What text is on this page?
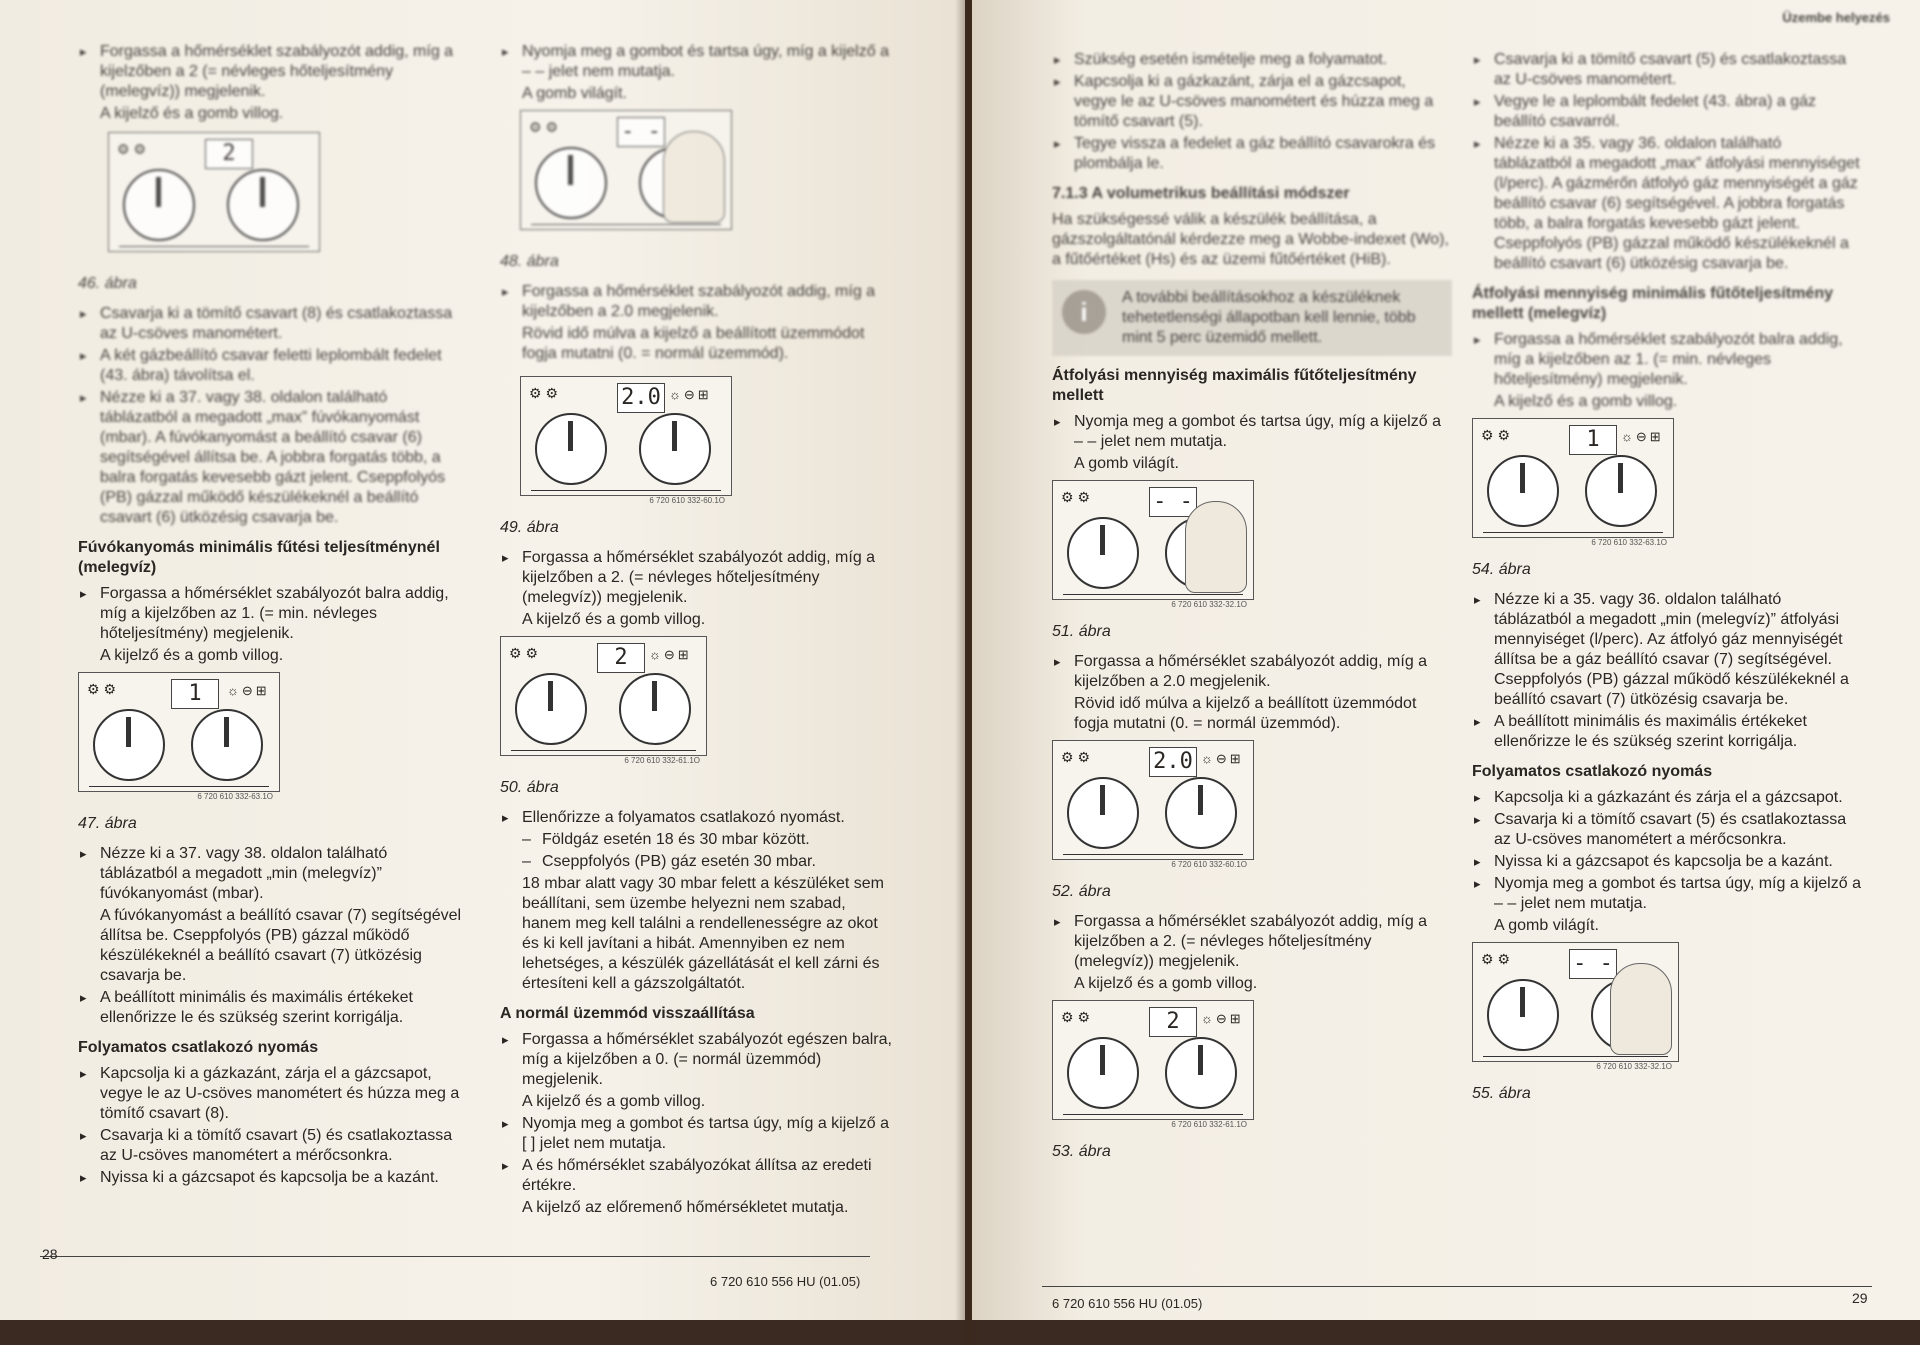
▸ Forgassa a hőmérséklet szabályozót addig, míg a kijelzőben a 2 (= névleges hőteljesítmény (melegvíz)) megjelenik.
A kijelző és a gomb villog.
⚙⚙	2
46. ábra
▸ Csavarja ki a tömítő csavart (8) és csatlakoztassa az U-csöves manométert.
▸ A két gázbeállító csavar feletti leplombált fedelet (43. ábra) távolítsa el.
▸ Nézze ki a 37. vagy 38. oldalon található táblázatból a megadott „max” fúvókanyomást (mbar). A fúvókanyomást a beállító csavar (6) segítségével állítsa be. A jobbra forgatás több, a balra forgatás kevesebb gázt jelent. Cseppfolyós (PB) gázzal működő készülékeknél a beállító csavart (6) ütközésig csavarja be.
Fúvókanyomás minimális fűtési teljesítménynél (melegvíz)
▸ Forgassa a hőmérséklet szabályozót balra addig, míg a kijelzőben az 1. (= min. névleges hőteljesítmény) megjelenik.
A kijelző és a gomb villog.
⚙⚙	1	☼⊖⊞
6 720 610 332-63.1O
47. ábra
▸ Nézze ki a 37. vagy 38. oldalon található táblázatból a megadott „min (melegvíz)” fúvókanyomást (mbar).
A fúvókanyomást a beállító csavar (7) segítségével állítsa be. Cseppfolyós (PB) gázzal működő készülékeknél a beállító csavart (7) ütközésig csavarja be.
▸ A beállított minimális és maximális értékeket ellenőrizze le és szükség szerint korrigálja.
Folyamatos csatlakozó nyomás
▸ Kapcsolja ki a gázkazánt, zárja el a gázcsapot, vegye le az U-csöves manométert és húzza meg a tömítő csavart (8).
▸ Csavarja ki a tömítő csavart (5) és csatlakoztassa az U-csöves manométert a mérőcsonkra.
▸ Nyissa ki a gázcsapot és kapcsolja be a kazánt.
▸ Nyomja meg a gombot és tartsa úgy, míg a kijelző a – – jelet nem mutatja.
A gomb világít.
⚙⚙	- -
48. ábra
▸ Forgassa a hőmérséklet szabályozót addig, míg a kijelzőben a 2.0 megjelenik.
Rövid idő múlva a kijelző a beállított üzemmódot fogja mutatni (0. = normál üzemmód).
⚙⚙	2.0 ☼⊖⊞
6 720 610 332-60.1O
49. ábra
▸ Forgassa a hőmérséklet szabályozót addig, míg a kijelzőben a 2. (= névleges hőteljesítmény (melegvíz)) megjelenik.
A kijelző és a gomb villog.
⚙⚙	2	☼⊖⊞
6 720 610 332-61.1O
50. ábra
▸ Ellenőrizze a folyamatos csatlakozó nyomást.
– Földgáz esetén 18 és 30 mbar között.
– Cseppfolyós (PB) gáz esetén 30 mbar.
18 mbar alatt vagy 30 mbar felett a készüléket sem beállítani, sem üzembe helyezni nem szabad, hanem meg kell találni a rendellenességre az okot és ki kell javítani a hibát. Amennyiben ez nem lehetséges, a készülék gázellátását el kell zárni és értesíteni kell a gázszolgáltatót.
A normál üzemmód visszaállítása
▸ Forgassa a hőmérséklet szabályozót egészen balra, míg a kijelzőben a 0. (= normál üzemmód) megjelenik.
A kijelző és a gomb villog.
▸ Nyomja meg a gombot és tartsa úgy, míg a kijelző a [ ] jelet nem mutatja.
▸ A és hőmérséklet szabályozókat állítsa az eredeti értékre.
A kijelző az előremenő hőmérsékletet mutatja.
28
6 720 610 556 HU (01.05)
Üzembe helyezés
▸ Szükség esetén ismételje meg a folyamatot.
▸ Kapcsolja ki a gázkazánt, zárja el a gázcsapot, vegye le az U-csöves manométert és húzza meg a tömítő csavart (5).
▸ Tegye vissza a fedelet a gáz beállító csavarokra és plombálja le.
7.1.3 A volumetrikus beállítási módszer
Ha szükségessé válik a készülék beállítása, a gázszolgáltatónál kérdezze meg a Wobbe-indexet (Wo), a fűtőértéket (Hs) és az üzemi fűtőértéket (HiB).
i	A további beállításokhoz a készüléknek tehetetlenségi állapotban kell lennie, több mint 5 perc üzemidő mellett.
Átfolyási mennyiség maximális fűtőteljesítmény mellett
▸ Nyomja meg a gombot és tartsa úgy, míg a kijelző a – – jelet nem mutatja.
A gomb világít.
⚙⚙	- -
6 720 610 332-32.1O
51. ábra
▸ Forgassa a hőmérséklet szabályozót addig, míg a kijelzőben a 2.0 megjelenik.
Rövid idő múlva a kijelző a beállított üzemmódot fogja mutatni (0. = normál üzemmód).
⚙⚙	2.0 ☼⊖⊞
6 720 610 332-60.1O
52. ábra
▸ Forgassa a hőmérséklet szabályozót addig, míg a kijelzőben a 2. (= névleges hőteljesítmény (melegvíz)) megjelenik.
A kijelző és a gomb villog.
⚙⚙	2	☼⊖⊞
6 720 610 332-61.1O
53. ábra
▸ Csavarja ki a tömítő csavart (5) és csatlakoztassa az U-csöves manométert.
▸ Vegye le a leplombált fedelet (43. ábra) a gáz beállító csavarról.
▸ Nézze ki a 35. vagy 36. oldalon található táblázatból a megadott „max” átfolyási mennyiséget (l/perc). A gázmérőn átfolyó gáz mennyiségét a gáz beállító csavar (6) segítségével. A jobbra forgatás több, a balra forgatás kevesebb gázt jelent. Cseppfolyós (PB) gázzal működő készülékeknél a beállító csavart (6) ütközésig csavarja be.
Átfolyási mennyiség minimális fűtőteljesítmény mellett (melegvíz)
▸ Forgassa a hőmérséklet szabályozót balra addig, míg a kijelzőben az 1. (= min. névleges hőteljesítmény) megjelenik.
A kijelző és a gomb villog.
⚙⚙	1	☼⊖⊞
6 720 610 332-63.1O
54. ábra
▸ Nézze ki a 35. vagy 36. oldalon található táblázatból a megadott „min (melegvíz)” átfolyási mennyiséget (l/perc). Az átfolyó gáz mennyiségét állítsa be a gáz beállító csavar (7) segítségével. Cseppfolyós (PB) gázzal működő készülékeknél a beállító csavart (7) ütközésig csavarja be.
▸ A beállított minimális és maximális értékeket ellenőrizze le és szükség szerint korrigálja.
Folyamatos csatlakozó nyomás
▸ Kapcsolja ki a gázkazánt és zárja el a gázcsapot.
▸ Csavarja ki a tömítő csavart (5) és csatlakoztassa az U-csöves manométert a mérőcsonkra.
▸ Nyissa ki a gázcsapot és kapcsolja be a kazánt.
▸ Nyomja meg a gombot és tartsa úgy, míg a kijelző a – – jelet nem mutatja.
A gomb világít.
⚙⚙	- -
6 720 610 332-32.1O
55. ábra
6 720 610 556 HU (01.05)	29
